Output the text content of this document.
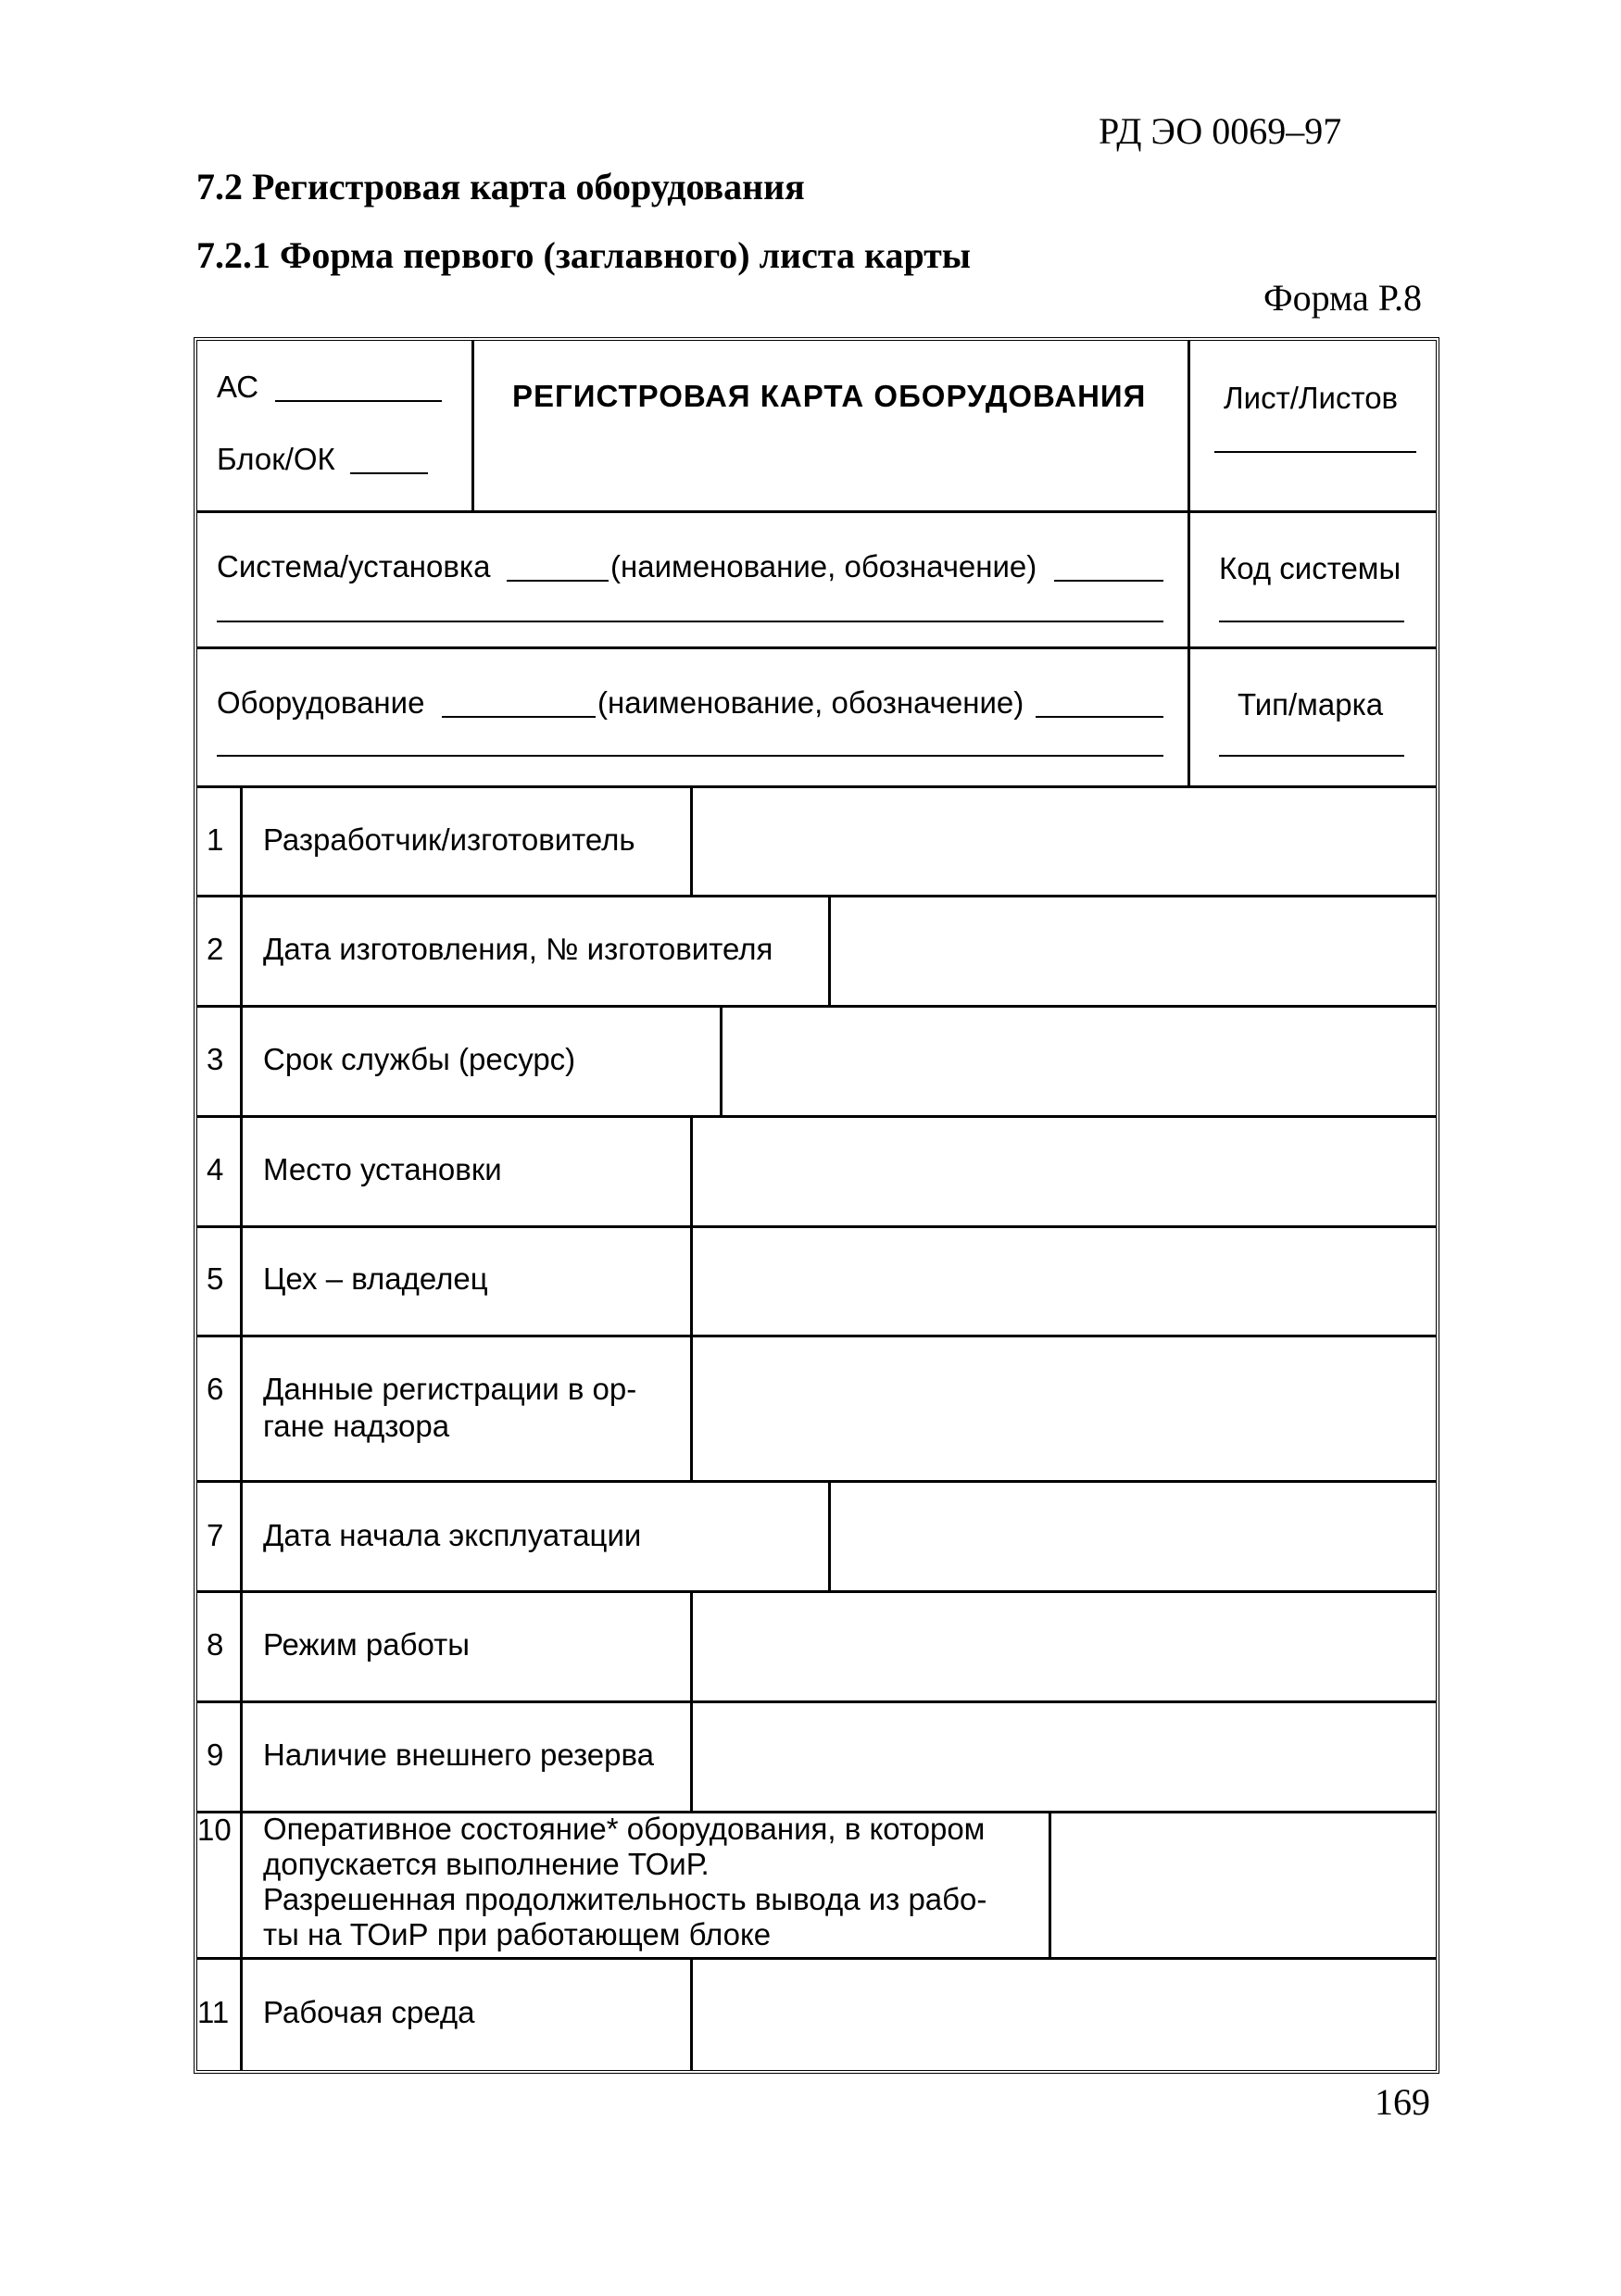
РД ЭО 0069–97
7.2 Регистровая карта оборудования
7.2.1 Форма первого (заглавного) листа карты
Форма Р.8
АС
Блок/ОК
РЕГИСТРОВАЯ КАРТА ОБОРУДОВАНИЯ	Лист/Листов
Система/установка	(наименование, обозначение)	Код системы
Оборудование	(наименование, обозначение)	Тип/марка
1 Разработчик/изготовитель
2 Дата изготовления, № изготовителя
3 Срок службы (ресурс)
4 Место установки
5 Цех – владелец
6 Данные регистрации в ор-
гане надзора
7 Дата начала эксплуатации
8 Режим работы
9 Наличие внешнего резерва
10 Оперативное состояние* оборудования, в котором
допускается выполнение ТОиР.
Разрешенная продолжительность вывода из рабо-
ты на ТОиР при работающем блоке
11 Рабочая среда
169
